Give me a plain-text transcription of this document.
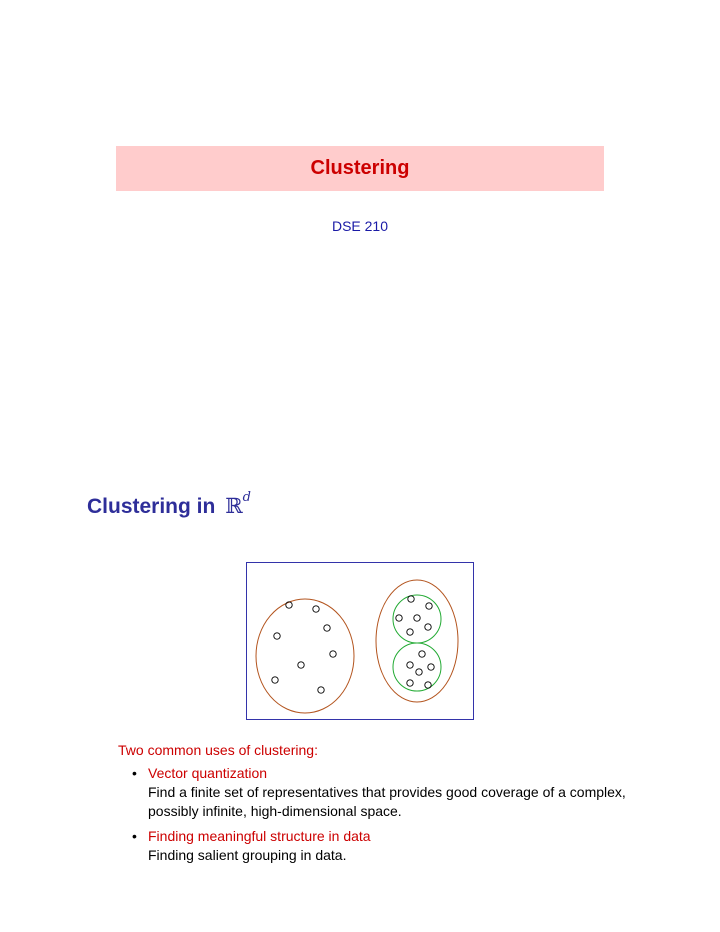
Clustering
DSE 210
Clustering in ℝ$^d$
Two common uses of clustering:
• Vector quantization
Find a finite set of representatives that provides good coverage of a complex, possibly infinite, high-dimensional space.
• Finding meaningful structure in data
Finding salient grouping in data.
